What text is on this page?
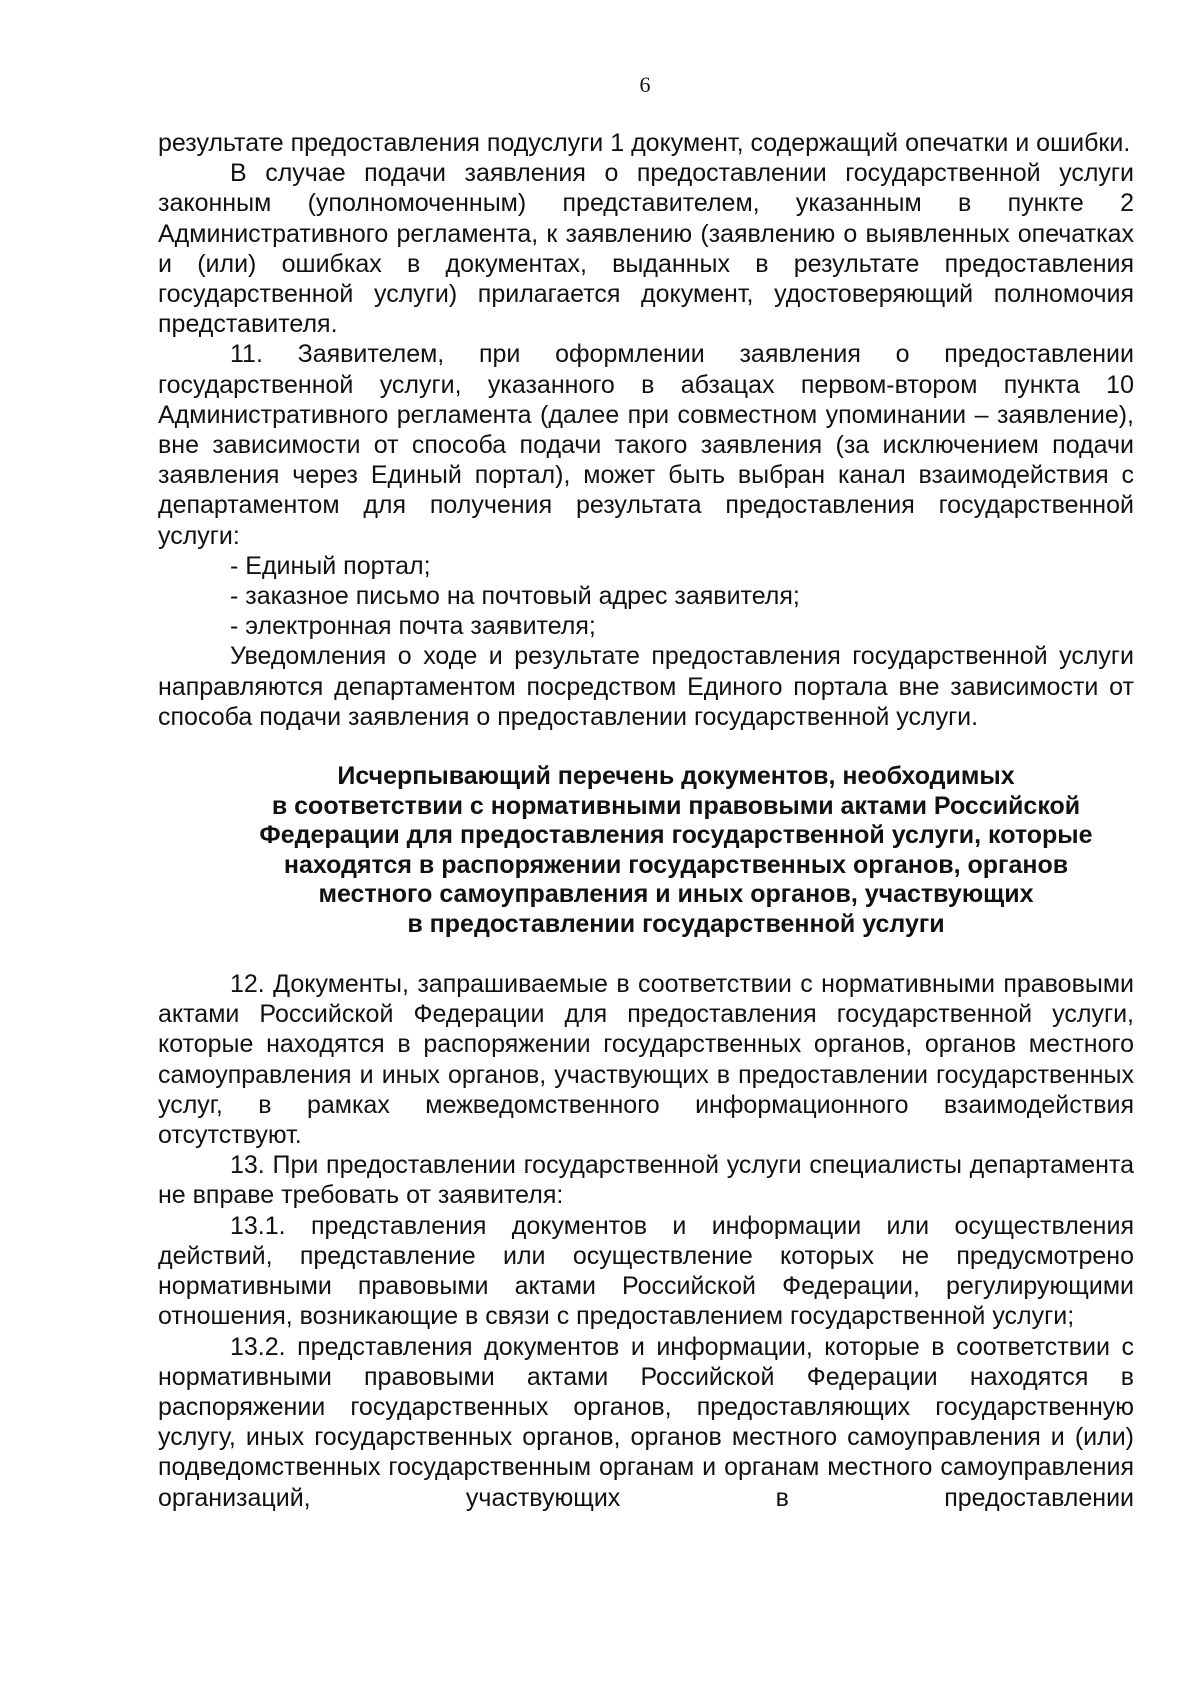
6

результате предоставления подуслуги 1 документ, содержащий опечатки и ошибки.

В случае подачи заявления о предоставлении государственной услуги законным (уполномоченным) представителем, указанным в пункте 2 Административного регламента, к заявлению (заявлению о выявленных опечатках и (или) ошибках в документах, выданных в результате предоставления государственной услуги) прилагается документ, удостоверяющий полномочия представителя.

11. Заявителем, при оформлении заявления о предоставлении государственной услуги, указанного в абзацах первом-втором пункта 10 Административного регламента (далее при совместном упоминании – заявление), вне зависимости от способа подачи такого заявления (за исключением подачи заявления через Единый портал), может быть выбран канал взаимодействия с департаментом для получения результата предоставления государственной услуги:

- Единый портал;

- заказное письмо на почтовый адрес заявителя;

- электронная почта заявителя;

Уведомления о ходе и результате предоставления государственной услуги направляются департаментом посредством Единого портала вне зависимости от способа подачи заявления о предоставлении государственной услуги.

Исчерпывающий перечень документов, необходимых
в соответствии с нормативными правовыми актами Российской
Федерации для предоставления государственной услуги, которые
находятся в распоряжении государственных органов, органов
местного самоуправления и иных органов, участвующих
в предоставлении государственной услуги

12. Документы, запрашиваемые в соответствии с нормативными правовыми актами Российской Федерации для предоставления государственной услуги, которые находятся в распоряжении государственных органов, органов местного самоуправления и иных органов, участвующих в предоставлении государственных услуг, в рамках межведомственного информационного взаимодействия отсутствуют.

13. При предоставлении государственной услуги специалисты департамента не вправе требовать от заявителя:

13.1. представления документов и информации или осуществления действий, представление или осуществление которых не предусмотрено нормативными правовыми актами Российской Федерации, регулирующими отношения, возникающие в связи с предоставлением государственной услуги;

13.2. представления документов и информации, которые в соответствии с нормативными правовыми актами Российской Федерации находятся в распоряжении государственных органов, предоставляющих государственную услугу, иных государственных органов, органов местного самоуправления и (или) подведомственных государственным органам и органам местного самоуправления организаций, участвующих в предоставлении
